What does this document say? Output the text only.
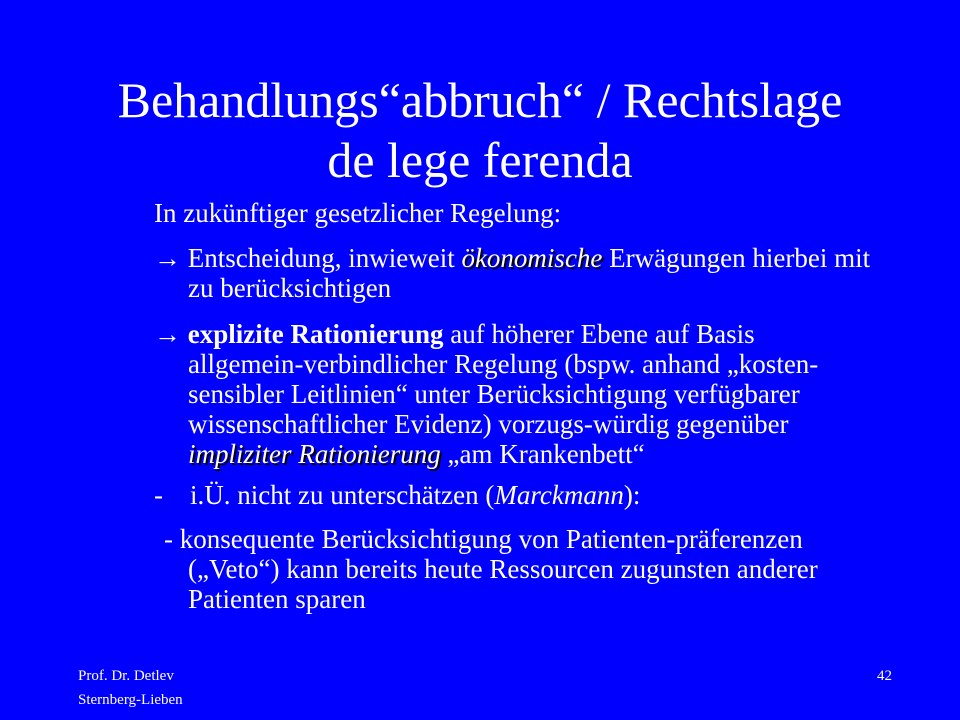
Behandlungs“abbruch“ / Rechtslage
de lege ferenda

In zukünftiger gesetzlicher Regelung:

→ Entscheidung, inwieweit ökonomische Erwägungen hierbei mit zu berücksichtigen

→ explizite Rationierung auf höherer Ebene auf Basis allgemein-verbindlicher Regelung (bspw. anhand „kosten-sensibler Leitlinien“ unter Berücksichtigung verfügbarer wissenschaftlicher Evidenz) vorzugs-würdig gegenüber impliziter Rationierung „am Krankenbett“

-  i.Ü. nicht zu unterschätzen (Marckmann):

- konsequente Berücksichtigung von Patienten-präferenzen („Veto“) kann bereits heute Ressourcen zugunsten anderer Patienten sparen

Prof. Dr. Detlev
Sternberg-Lieben
42
